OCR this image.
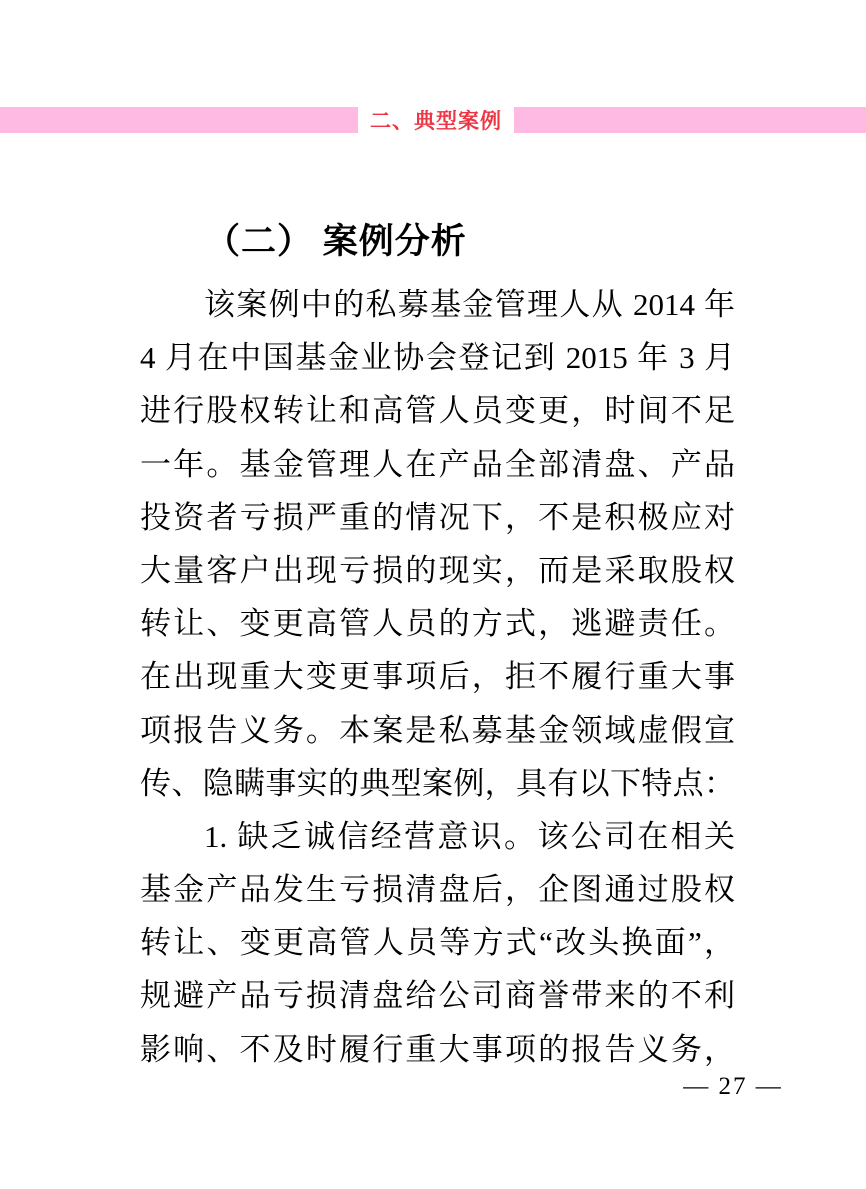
二、典型案例
（二） 案例分析
该案例中的私募基金管理人从 2014 年
4 月在中国基金业协会登记到 2015 年 3 月
进行股权转让和高管人员变更，时间不足
一年。基金管理人在产品全部清盘、产品
投资者亏损严重的情况下，不是积极应对
大量客户出现亏损的现实，而是采取股权
转让、变更高管人员的方式，逃避责任。
在出现重大变更事项后，拒不履行重大事
项报告义务。本案是私募基金领域虚假宣
传、隐瞒事实的典型案例，具有以下特点：
1. 缺乏诚信经营意识。该公司在相关
基金产品发生亏损清盘后，企图通过股权
转让、变更高管人员等方式“改头换面”，
规避产品亏损清盘给公司商誉带来的不利
影响、不及时履行重大事项的报告义务，
— 27 —
